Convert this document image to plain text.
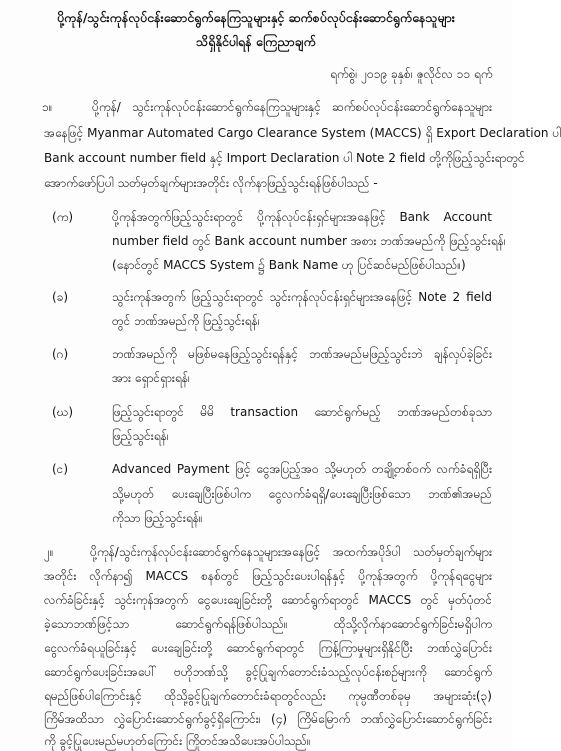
ပို့ကုန်/သွင်းကုန်လုပ်ငန်းဆောင်ရွက်နေကြသူများနှင့် ဆက်စပ်လုပ်ငန်းဆောင်ရွက်နေသူများ
သိရှိနိုင်ပါရန် ကြေညာချက်
ရက်စွဲ၊ ၂၀၁၉ ခုနှစ်၊ ဇူလိုင်လ ၁၁ ရက်
၁။	ပို့ကုန်/ သွင်းကုန်လုပ်ငန်းဆောင်ရွက်နေကြသူများနှင့် ဆက်စပ်လုပ်ငန်းဆောင်ရွက်နေသူများ
အနေဖြင့် Myanmar Automated Cargo Clearance System (MACCS) ရှိ Export Declaration ပါ
Bank account number field နှင့် Import Declaration ပါ Note 2 field တို့ကိုဖြည့်သွင်းရာတွင်
အောက်ဖော်ပြပါ သတ်မှတ်ချက်များအတိုင်း လိုက်နာဖြည့်သွင်းရန်ဖြစ်ပါသည် -
(က)	ပို့ကုန်အတွက်ဖြည့်သွင်းရာတွင် ပို့ကုန်လုပ်ငန်းရှင်များအနေဖြင့် Bank Account
number field တွင် Bank account number အစား ဘဏ်အမည်ကို ဖြည့်သွင်းရန်၊
(နောင်တွင် MACCS System ၌ Bank Name ဟု ပြင်ဆင်မည်ဖြစ်ပါသည်။)
(ခ)	သွင်းကုန်အတွက် ဖြည့်သွင်းရာတွင် သွင်းကုန်လုပ်ငန်းရှင်များအနေဖြင့် Note 2 field
တွင် ဘဏ်အမည်ကို ဖြည့်သွင်းရန်၊
(ဂ)	ဘဏ်အမည်ကို မဖြစ်မနေဖြည့်သွင်းရန်နှင့် ဘဏ်အမည်မဖြည့်သွင်းဘဲ ချန်လှပ်ခဲ့ခြင်း
အား ရှောင်ရှားရန်၊
(ဃ)	ဖြည့်သွင်းရာတွင် မိမိ transaction ဆောင်ရွက်မည့် ဘဏ်အမည်တစ်ခုသာ
ဖြည့်သွင်းရန်၊
(င)	Advanced Payment ဖြင့် ငွေအပြည့်အဝ သို့မဟုတ် တချို့တစ်ဝက် လက်ခံရရှိပြီး
သို့မဟုတ် ပေးချေပြီးဖြစ်ပါက ငွေလက်ခံရရှိ/ပေးချေပြီးဖြစ်သော ဘဏ်၏အမည်
ကိုသာ ဖြည့်သွင်းရန်။
၂။	ပို့ကုန်/သွင်းကုန်လုပ်ငန်းဆောင်ရွက်နေသူများအနေဖြင့် အထက်အပိုဒ်ပါ သတ်မှတ်ချက်များ
အတိုင်း လိုက်နာ၍ MACCS စနစ်တွင် ဖြည့်သွင်းပေးပါရန်နှင့် ပို့ကုန်အတွက် ပို့ကုန်ရငွေများ
လက်ခံခြင်းနှင့် သွင်းကုန်အတွက် ငွေပေးချေခြင်းတို့ ဆောင်ရွက်ရာတွင် MACCS တွင် မှတ်ပုံတင်
ခဲ့သောဘဏ်ဖြင့်သာ ဆောင်ရွက်ရန်ဖြစ်ပါသည်။ ထိုသို့လိုက်နာဆောင်ရွက်ခြင်းမရှိပါက
ငွေလက်ခံရယူခြင်းနှင့် ပေးချေခြင်းတို့ ဆောင်ရွက်ရာတွင် ကြန့်ကြာမှုများရှိနိုင်ပြီး ဘဏ်လွှဲပြောင်း
ဆောင်ရွက်ပေးခြင်းအပေါ် ဗဟိုဘဏ်သို့ ခွင့်ပြုချက်တောင်းခံသည့်လုပ်ငန်းစဉ်များကို ဆောင်ရွက်
ရမည်ဖြစ်ပါကြောင်းနှင့် ထိုသို့ခွင့်ပြုချက်တောင်းခံရာတွင်လည်း ကုမ္ပဏီတစ်ခုမှ အများဆုံး(၃)
ကြိမ်အထိသာ လွှဲပြောင်းဆောင်ရွက်ခွင့်ရှိကြောင်း၊ (၄) ကြိမ်မြောက် ဘဏ်လွှဲပြောင်းဆောင်ရွက်ခြင်း
ကို ခွင့်ပြုပေးမည်မဟုတ်ကြောင်း ကြိုတင်အသိပေးအပ်ပါသည်။
